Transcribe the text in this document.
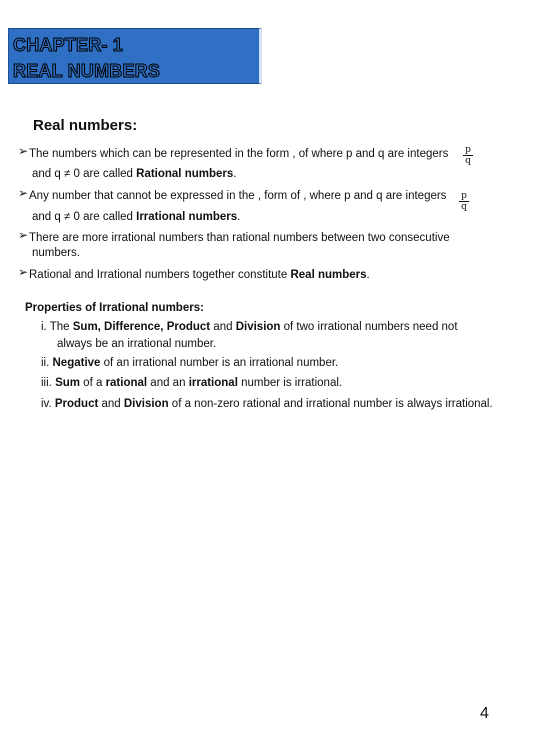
CHAPTER- 1
REAL NUMBERS
Real numbers:
➢ The numbers which can be represented in the form , of where p and q are integers $\frac{p}{q}$
and q ≠ 0 are called Rational numbers.
➢ Any number that cannot be expressed in the , form of , where p and q are integers $\frac{p}{q}$
and q ≠ 0 are called Irrational numbers.
➢ There are more irrational numbers than rational numbers between two consecutive
numbers.
➢ Rational and Irrational numbers together constitute Real numbers.
Properties of Irrational numbers:
i. The Sum, Difference, Product and Division of two irrational numbers need not
always be an irrational number.
ii. Negative of an irrational number is an irrational number.
iii. Sum of a rational and an irrational number is irrational.
iv. Product and Division of a non-zero rational and irrational number is always irrational.
4
